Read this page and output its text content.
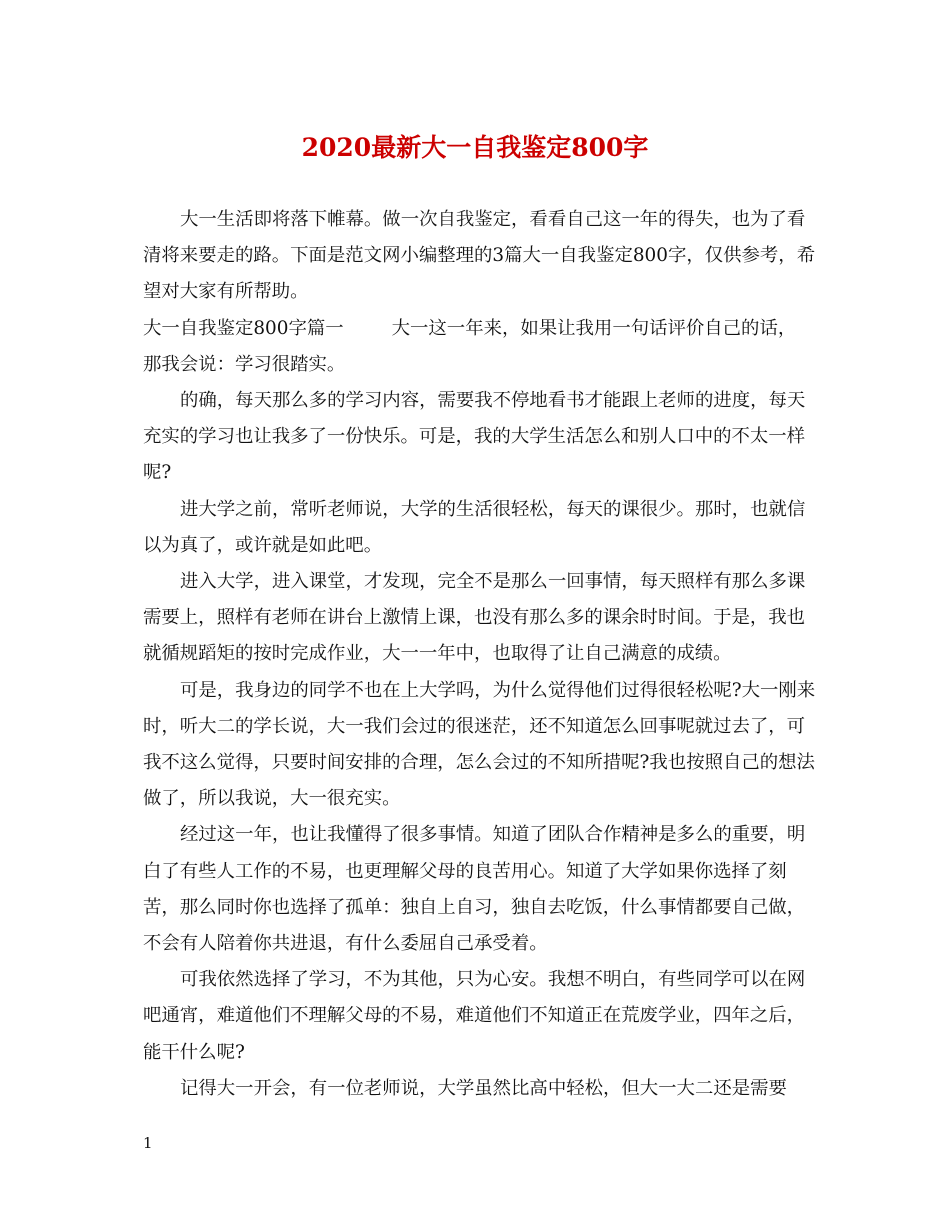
2020最新大一自我鉴定800字

大一生活即将落下帷幕。做一次自我鉴定，看看自己这一年的得失，也为了看清将来要走的路。下面是范文网小编整理的3篇大一自我鉴定800字，仅供参考，希望对大家有所帮助。

大一自我鉴定800字篇一	大一这一年来，如果让我用一句话评价自己的话，

那我会说：学习很踏实。

的确，每天那么多的学习内容，需要我不停地看书才能跟上老师的进度，每天充实的学习也让我多了一份快乐。可是，我的大学生活怎么和别人口中的不太一样呢?

进大学之前，常听老师说，大学的生活很轻松，每天的课很少。那时，也就信以为真了，或许就是如此吧。

进入大学，进入课堂，才发现，完全不是那么一回事情，每天照样有那么多课需要上，照样有老师在讲台上激情上课，也没有那么多的课余时时间。于是，我也就循规蹈矩的按时完成作业，大一一年中，也取得了让自己满意的成绩。

可是，我身边的同学不也在上大学吗，为什么觉得他们过得很轻松呢?大一刚来时，听大二的学长说，大一我们会过的很迷茫，还不知道怎么回事呢就过去了，可我不这么觉得，只要时间安排的合理，怎么会过的不知所措呢?我也按照自己的想法做了，所以我说，大一很充实。

经过这一年，也让我懂得了很多事情。知道了团队合作精神是多么的重要，明白了有些人工作的不易，也更理解父母的良苦用心。知道了大学如果你选择了刻苦，那么同时你也选择了孤单：独自上自习，独自去吃饭，什么事情都要自己做，不会有人陪着你共进退，有什么委屈自己承受着。

可我依然选择了学习，不为其他，只为心安。我想不明白，有些同学可以在网吧通宵，难道他们不理解父母的不易，难道他们不知道正在荒废学业，四年之后，能干什么呢?

记得大一开会，有一位老师说，大学虽然比高中轻松，但大一大二还是需要

1
